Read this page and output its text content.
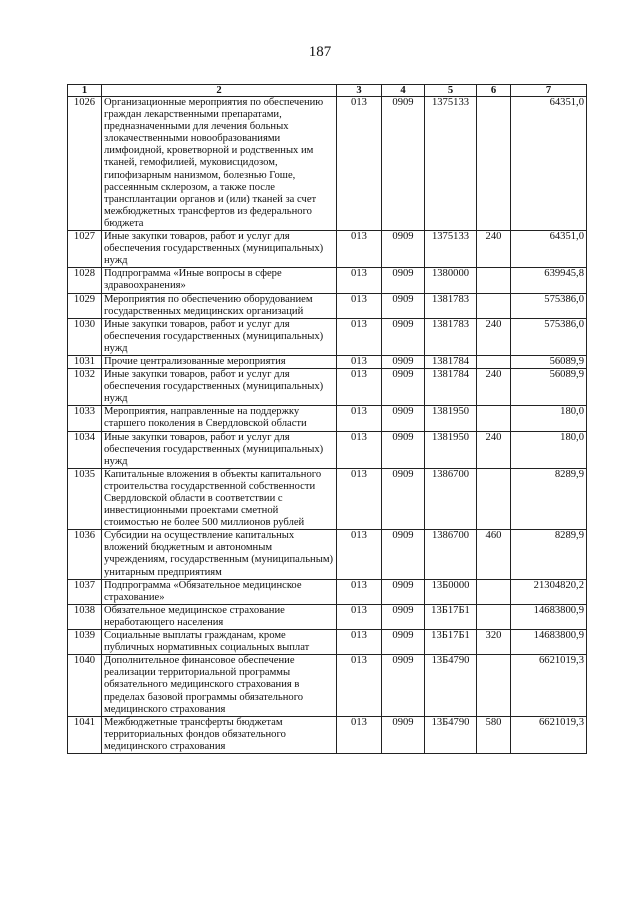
187
1	2	3	4	5	6	7
1026	Организационные мероприятия по обеспечению граждан лекарственными препаратами, предназначенными для лечения больных злокачественными новообразованиями лимфоидной, кроветворной и родственных им тканей, гемофилией, муковисцидозом, гипофизарным нанизмом, болезнью Гоше, рассеянным склерозом, а также после трансплантации органов и (или) тканей за счет межбюджетных трансфертов из федерального бюджета	013	0909	1375133		64351,0
1027	Иные закупки товаров, работ и услуг для обеспечения государственных (муниципальных) нужд	013	0909	1375133	240	64351,0
1028	Подпрограмма «Иные вопросы в сфере здравоохранения»	013	0909	1380000		639945,8
1029	Мероприятия по обеспечению оборудованием государственных медицинских организаций	013	0909	1381783		575386,0
1030	Иные закупки товаров, работ и услуг для обеспечения государственных (муниципальных) нужд	013	0909	1381783	240	575386,0
1031	Прочие централизованные мероприятия	013	0909	1381784		56089,9
1032	Иные закупки товаров, работ и услуг для обеспечения государственных (муниципальных) нужд	013	0909	1381784	240	56089,9
1033	Мероприятия, направленные на поддержку старшего поколения в Свердловской области	013	0909	1381950		180,0
1034	Иные закупки товаров, работ и услуг для обеспечения государственных (муниципальных) нужд	013	0909	1381950	240	180,0
1035	Капитальные вложения в объекты капитального строительства государственной собственности Свердловской области в соответствии с инвестиционными проектами сметной стоимостью не более 500 миллионов рублей	013	0909	1386700		8289,9
1036	Субсидии на осуществление капитальных вложений бюджетным и автономным учреждениям, государственным (муниципальным) унитарным предприятиям	013	0909	1386700	460	8289,9
1037	Подпрограмма «Обязательное медицинское страхование»	013	0909	13Б0000		21304820,2
1038	Обязательное медицинское страхование неработающего населения	013	0909	13Б17Б1		14683800,9
1039	Социальные выплаты гражданам, кроме публичных нормативных социальных выплат	013	0909	13Б17Б1	320	14683800,9
1040	Дополнительное финансовое обеспечение реализации территориальной программы обязательного медицинского страхования в пределах базовой программы обязательного медицинского страхования	013	0909	13Б4790		6621019,3
1041	Межбюджетные трансферты бюджетам территориальных фондов обязательного медицинского страхования	013	0909	13Б4790	580	6621019,3
